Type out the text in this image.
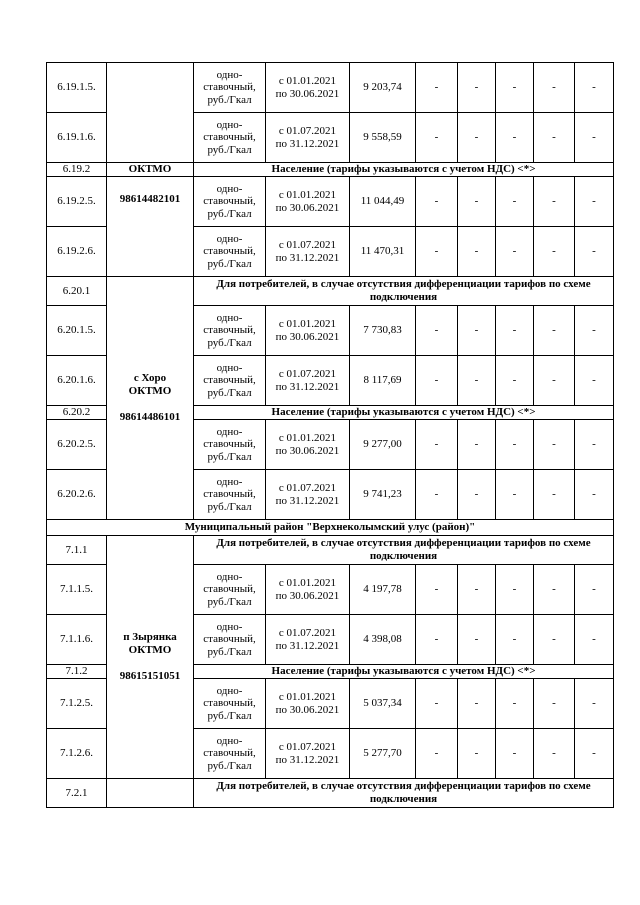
6.19.1.5.		одно-
ставочный,
руб./Гкал	с 01.01.2021
по 30.06.2021	9 203,74	-	-	-	-	-
6.19.1.6.		одно-
ставочный,
руб./Гкал	с 01.07.2021
по 31.12.2021	9 558,59	-	-	-	-	-
6.19.2	ОКТМО	Население (тарифы указываются с учетом НДС) <*>							
6.19.2.5.	98614482101	одно-
ставочный,
руб./Гкал	с 01.01.2021
по 30.06.2021	11 044,49	-	-	-	-	-
6.19.2.6.		одно-
ставочный,
руб./Гкал	с 01.07.2021
по 31.12.2021	11 470,31	-	-	-	-	-
6.20.1	с Хоро
ОКТМО
98614486101	Для потребителей, в случае отсутствия дифференциации тарифов по схеме подключения							
6.20.1.5.		одно-
ставочный,
руб./Гкал	с 01.01.2021
по 30.06.2021	7 730,83	-	-	-	-	-
6.20.1.6.		одно-
ставочный,
руб./Гкал	с 01.07.2021
по 31.12.2021	8 117,69	-	-	-	-	-
6.20.2		Население (тарифы указываются с учетом НДС) <*>							
6.20.2.5.		одно-
ставочный,
руб./Гкал	с 01.01.2021
по 30.06.2021	9 277,00	-	-	-	-	-
6.20.2.6.		одно-
ставочный,
руб./Гкал	с 01.07.2021
по 31.12.2021	9 741,23	-	-	-	-	-
Муниципальный район "Верхнеколымский улус (район)"									
7.1.1	п Зырянка
ОКТМО
98615151051	Для потребителей, в случае отсутствия дифференциации тарифов по схеме подключения							
7.1.1.5.		одно-
ставочный,
руб./Гкал	с 01.01.2021
по 30.06.2021	4 197,78	-	-	-	-	-
7.1.1.6.		одно-
ставочный,
руб./Гкал	с 01.07.2021
по 31.12.2021	4 398,08	-	-	-	-	-
7.1.2		Население (тарифы указываются с учетом НДС) <*>							
7.1.2.5.		одно-
ставочный,
руб./Гкал	с 01.01.2021
по 30.06.2021	5 037,34	-	-	-	-	-
7.1.2.6.		одно-
ставочный,
руб./Гкал	с 01.07.2021
по 31.12.2021	5 277,70	-	-	-	-	-
7.2.1		Для потребителей, в случае отсутствия дифференциации тарифов по схеме подключения							
